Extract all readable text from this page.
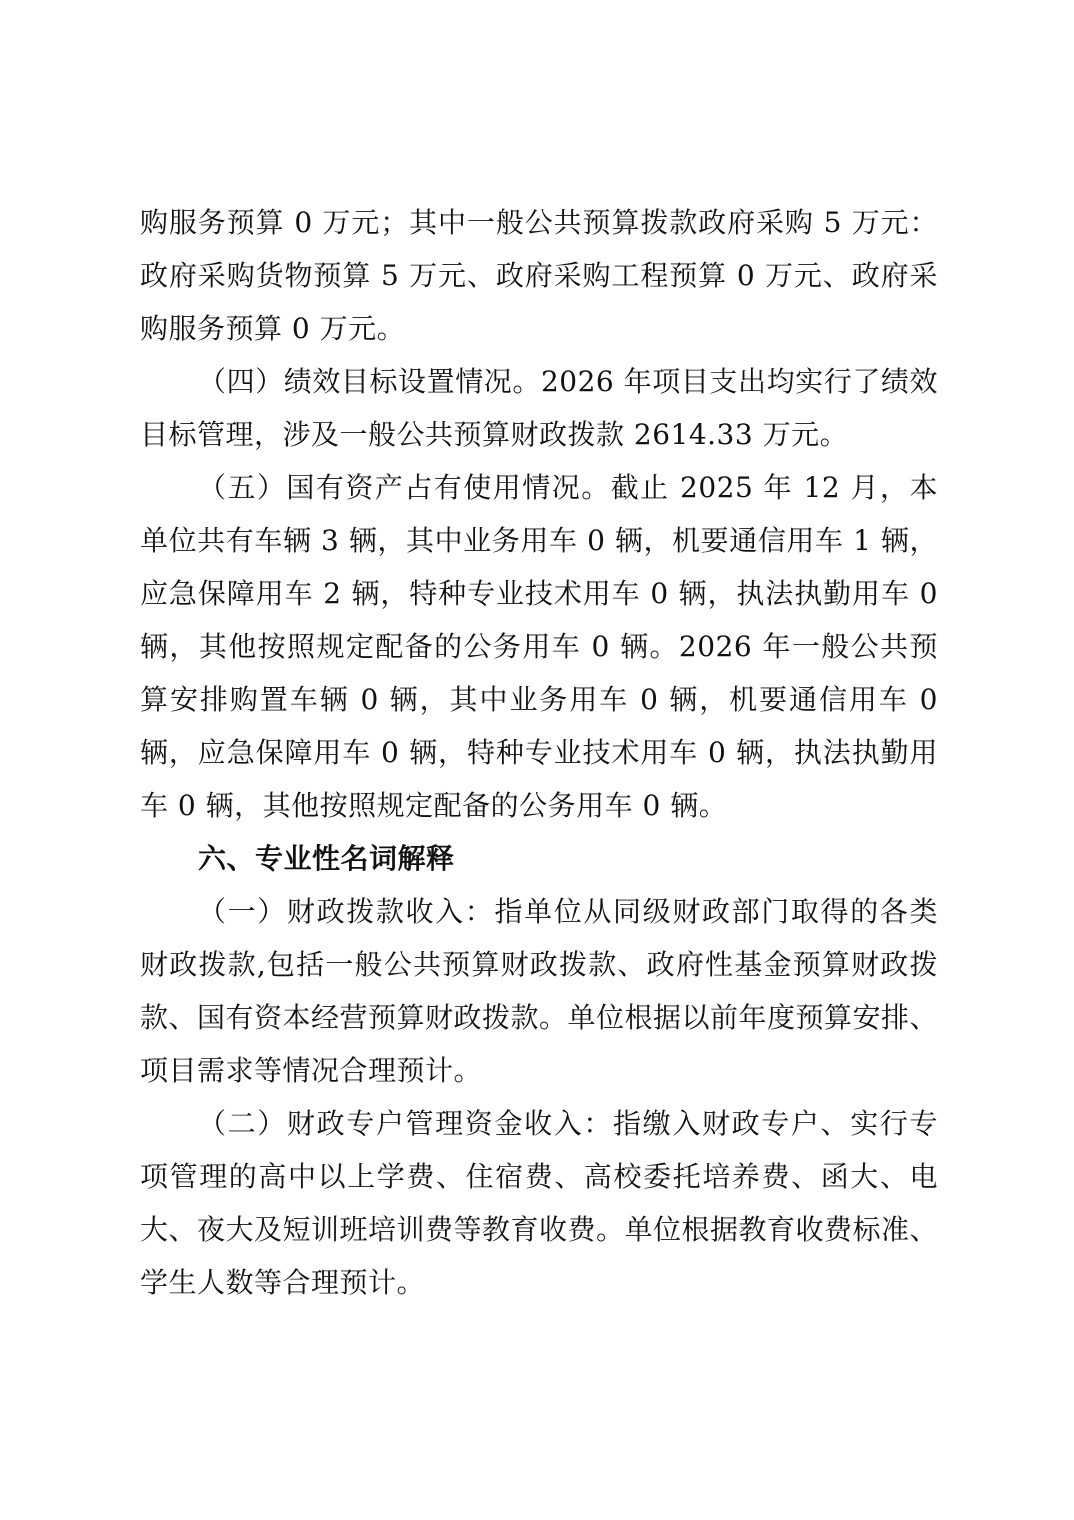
购服务预算 0 万元；其中一般公共预算拨款政府采购 5 万元：政府采购货物预算 5 万元、政府采购工程预算 0 万元、政府采购服务预算 0 万元。

（四）绩效目标设置情况。2026 年项目支出均实行了绩效目标管理，涉及一般公共预算财政拨款 2614.33 万元。

（五）国有资产占有使用情况。截止 2025 年 12 月，本单位共有车辆 3 辆，其中业务用车 0 辆，机要通信用车 1 辆，应急保障用车 2 辆，特种专业技术用车 0 辆，执法执勤用车 0 辆，其他按照规定配备的公务用车 0 辆。2026 年一般公共预算安排购置车辆 0 辆，其中业务用车 0 辆，机要通信用车 0 辆，应急保障用车 0 辆，特种专业技术用车 0 辆，执法执勤用车 0 辆，其他按照规定配备的公务用车 0 辆。

六、专业性名词解释

（一）财政拨款收入：指单位从同级财政部门取得的各类财政拨款,包括一般公共预算财政拨款、政府性基金预算财政拨款、国有资本经营预算财政拨款。单位根据以前年度预算安排、项目需求等情况合理预计。

（二）财政专户管理资金收入：指缴入财政专户、实行专项管理的高中以上学费、住宿费、高校委托培养费、函大、电大、夜大及短训班培训费等教育收费。单位根据教育收费标准、学生人数等合理预计。
